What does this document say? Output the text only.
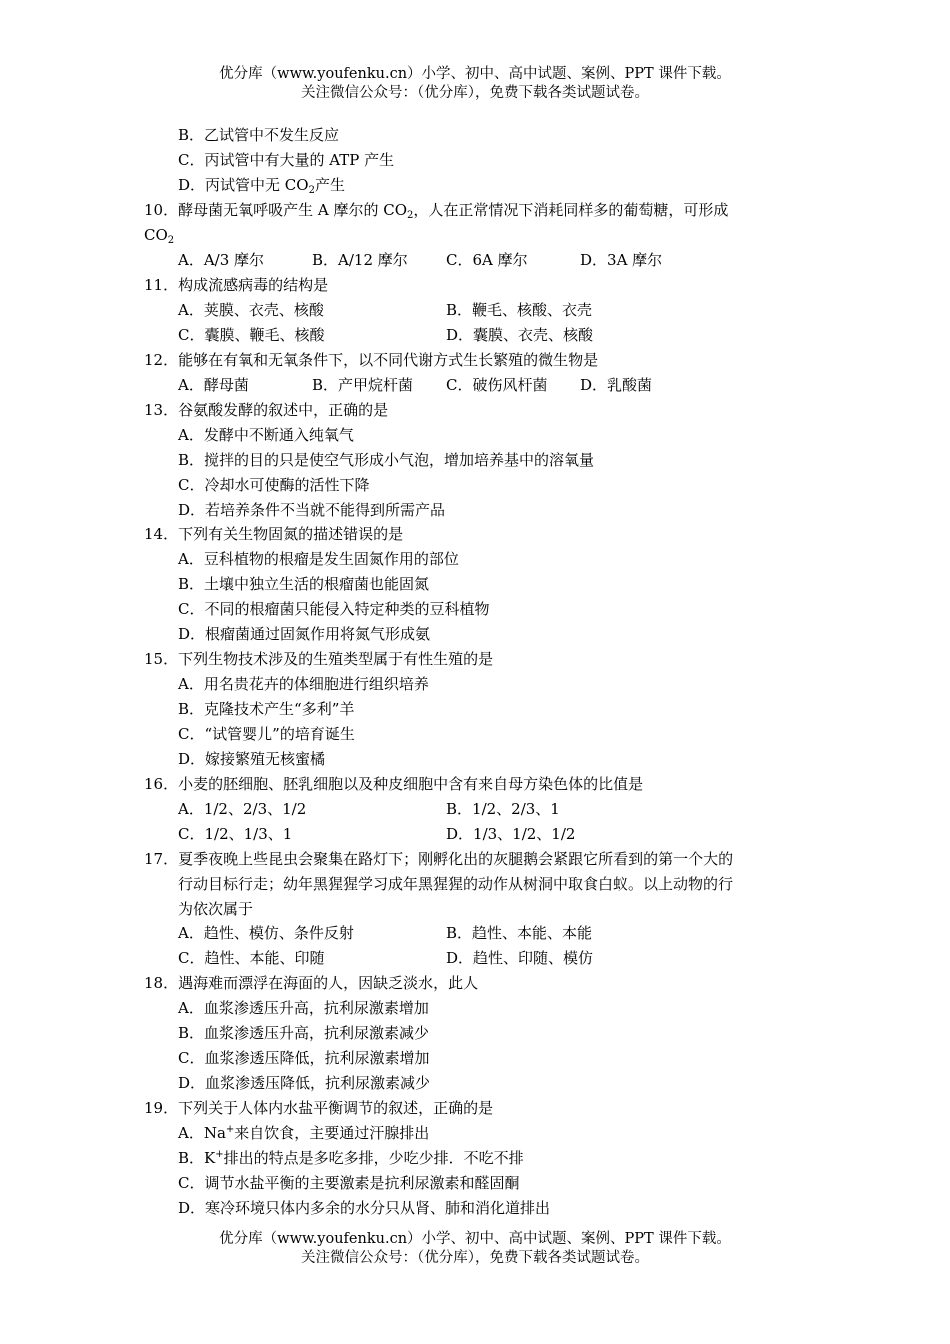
优分库（www.youfenku.cn）小学、初中、高中试题、案例、PPT 课件下载。
关注微信公众号：（优分库），免费下载各类试题试卷。
B．乙试管中不发生反应
C．丙试管中有大量的 ATP 产生
D．丙试管中无 $CO_2$产生
10．酵母菌无氧呼吸产生 A 摩尔的 $CO_2$，人在正常情况下消耗同样多的葡萄糖，可形成
$CO_2$
A．A/3 摩尔	B．A/12 摩尔	C．6A 摩尔	D．3A 摩尔
11．构成流感病毒的结构是
A．荚膜、衣壳、核酸	B．鞭毛、核酸、衣壳
C．囊膜、鞭毛、核酸	D．囊膜、衣壳、核酸
12．能够在有氧和无氧条件下，以不同代谢方式生长繁殖的微生物是
A．酵母菌	B．产甲烷杆菌 C．破伤风杆菌 D．乳酸菌
13．谷氨酸发酵的叙述中，正确的是
A．发酵中不断通入纯氧气
B．搅拌的目的只是使空气形成小气泡，增加培养基中的溶氧量
C．冷却水可使酶的活性下降
D．若培养条件不当就不能得到所需产品
14．下列有关生物固氮的描述错误的是
A．豆科植物的根瘤是发生固氮作用的部位
B．土壤中独立生活的根瘤菌也能固氮
C．不同的根瘤菌只能侵入特定种类的豆科植物
D．根瘤菌通过固氮作用将氮气形成氨
15．下列生物技术涉及的生殖类型属于有性生殖的是
A．用名贵花卉的体细胞进行组织培养
B．克隆技术产生“多利”羊
C．“试管婴儿”的培育诞生
D．嫁接繁殖无核蜜橘
16．小麦的胚细胞、胚乳细胞以及种皮细胞中含有来自母方染色体的比值是
A．1/2、2/3、1/2	B．1/2、2/3、1
C．1/2、1/3、1	D．1/3、1/2、1/2
17．夏季夜晚上些昆虫会聚集在路灯下；刚孵化出的灰腿鹅会紧跟它所看到的第一个大的
行动目标行走；幼年黑猩猩学习成年黑猩猩的动作从树洞中取食白蚁。以上动物的行
为依次属于
A．趋性、模仿、条件反射	B．趋性、本能、本能
C．趋性、本能、印随	D．趋性、印随、模仿
18．遇海难而漂浮在海面的人，因缺乏淡水，此人
A．血浆渗透压升高，抗利尿激素增加
B．血浆渗透压升高，抗利尿激素减少
C．血浆渗透压降低，抗利尿激素增加
D．血浆渗透压降低，抗利尿激素减少
19．下列关于人体内水盐平衡调节的叙述，正确的是
A．Na+来自饮食，主要通过汗腺排出
B．K+排出的特点是多吃多排，少吃少排．不吃不排
C．调节水盐平衡的主要激素是抗利尿激素和醛固酮
D．寒冷环境只体内多余的水分只从肾、肺和消化道排出
优分库（www.youfenku.cn）小学、初中、高中试题、案例、PPT 课件下载。
关注微信公众号：（优分库），免费下载各类试题试卷。
